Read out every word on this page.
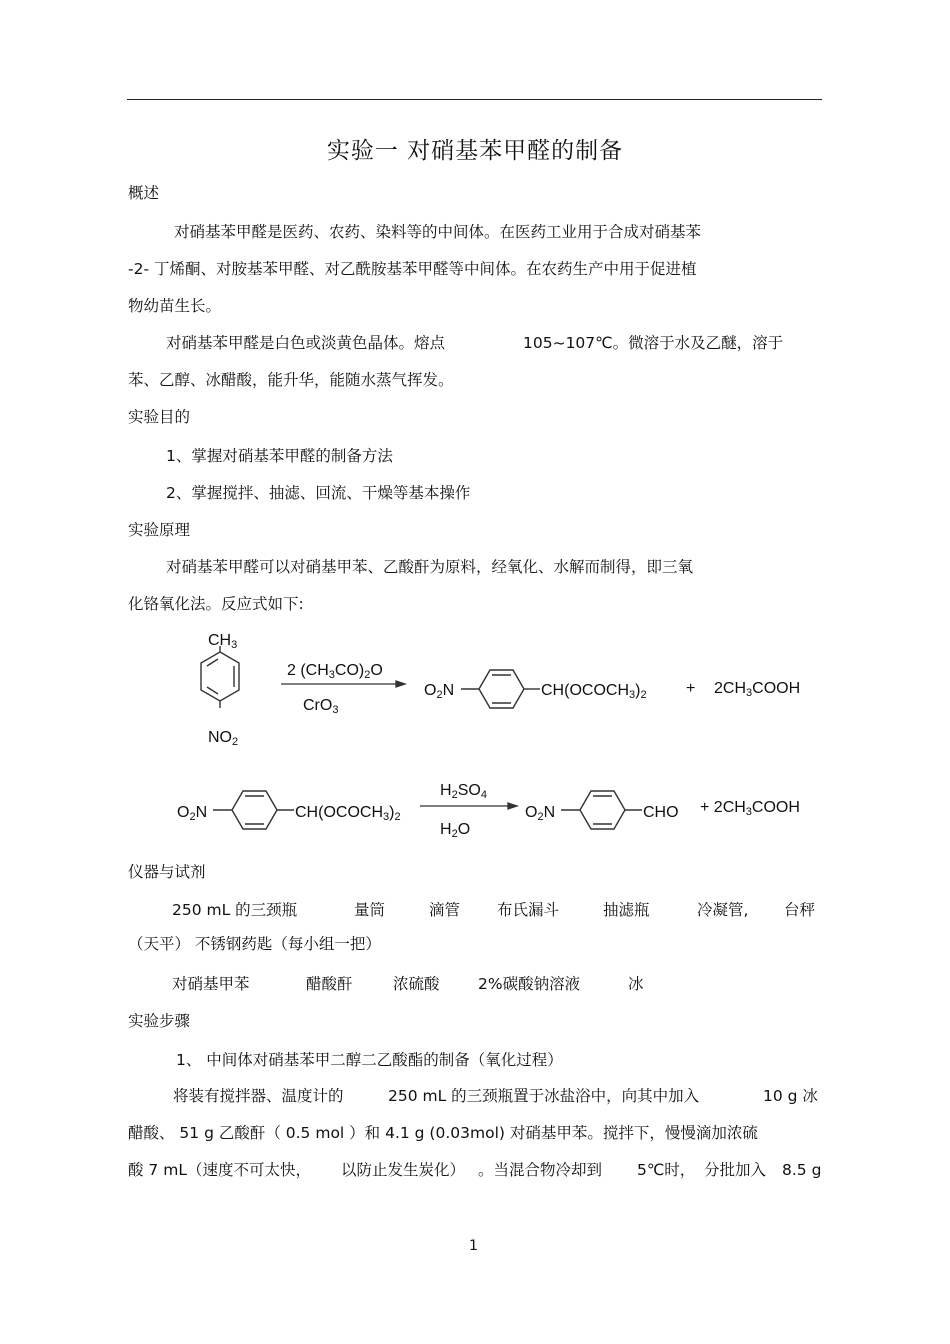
实验一 对硝基苯甲醛的制备
概述
对硝基苯甲醛是医药、农药、染料等的中间体。在医药工业用于合成对硝基苯
-2- 丁烯酮、对胺基苯甲醛、对乙酰胺基苯甲醛等中间体。在农药生产中用于促进植
物幼苗生长。
对硝基苯甲醛是白色或淡黄色晶体。熔点	105~107℃。微溶于水及乙醚，溶于
苯、乙醇、冰醋酸，能升华，能随水蒸气挥发。
实验目的
1、掌握对硝基苯甲醛的制备方法
2、掌握搅拌、抽滤、回流、干燥等基本操作
实验原理
对硝基苯甲醛可以对硝基甲苯、乙酸酐为原料，经氧化、水解而制得，即三氧
化铬氧化法。反应式如下:
CH3
NO2
2 (CH3CO)2O
CrO3
O2N	CH(OCOCH3)2 + 2CH3COOH
O2N	CH(OCOCH3)2
H2SO4
H2O
O2N	CHO + 2CH3COOH
仪器与试剂
250 mL 的三颈瓶	量筒	滴管 布氏漏斗	抽滤瓶	冷凝管, 台秤
（天平） 不锈钢药匙（每小组一把）
对硝基甲苯	醋酸酐	浓硫酸 2%碳酸钠溶液	冰
实验步骤
1、 中间体对硝基苯甲二醇二乙酸酯的制备（氧化过程）
将装有搅拌器、温度计的	250 mL 的三颈瓶置于冰盐浴中，向其中加入	10 g 冰
醋酸、 51 g 乙酸酐（ 0.5 mol ）和 4.1 g (0.03mol) 对硝基甲苯。搅拌下，慢慢滴加浓硫
酸 7 mL（速度不可太快， 以防止发生炭化） 。当混合物冷却到 5℃时， 分批加入 8.5 g
1
